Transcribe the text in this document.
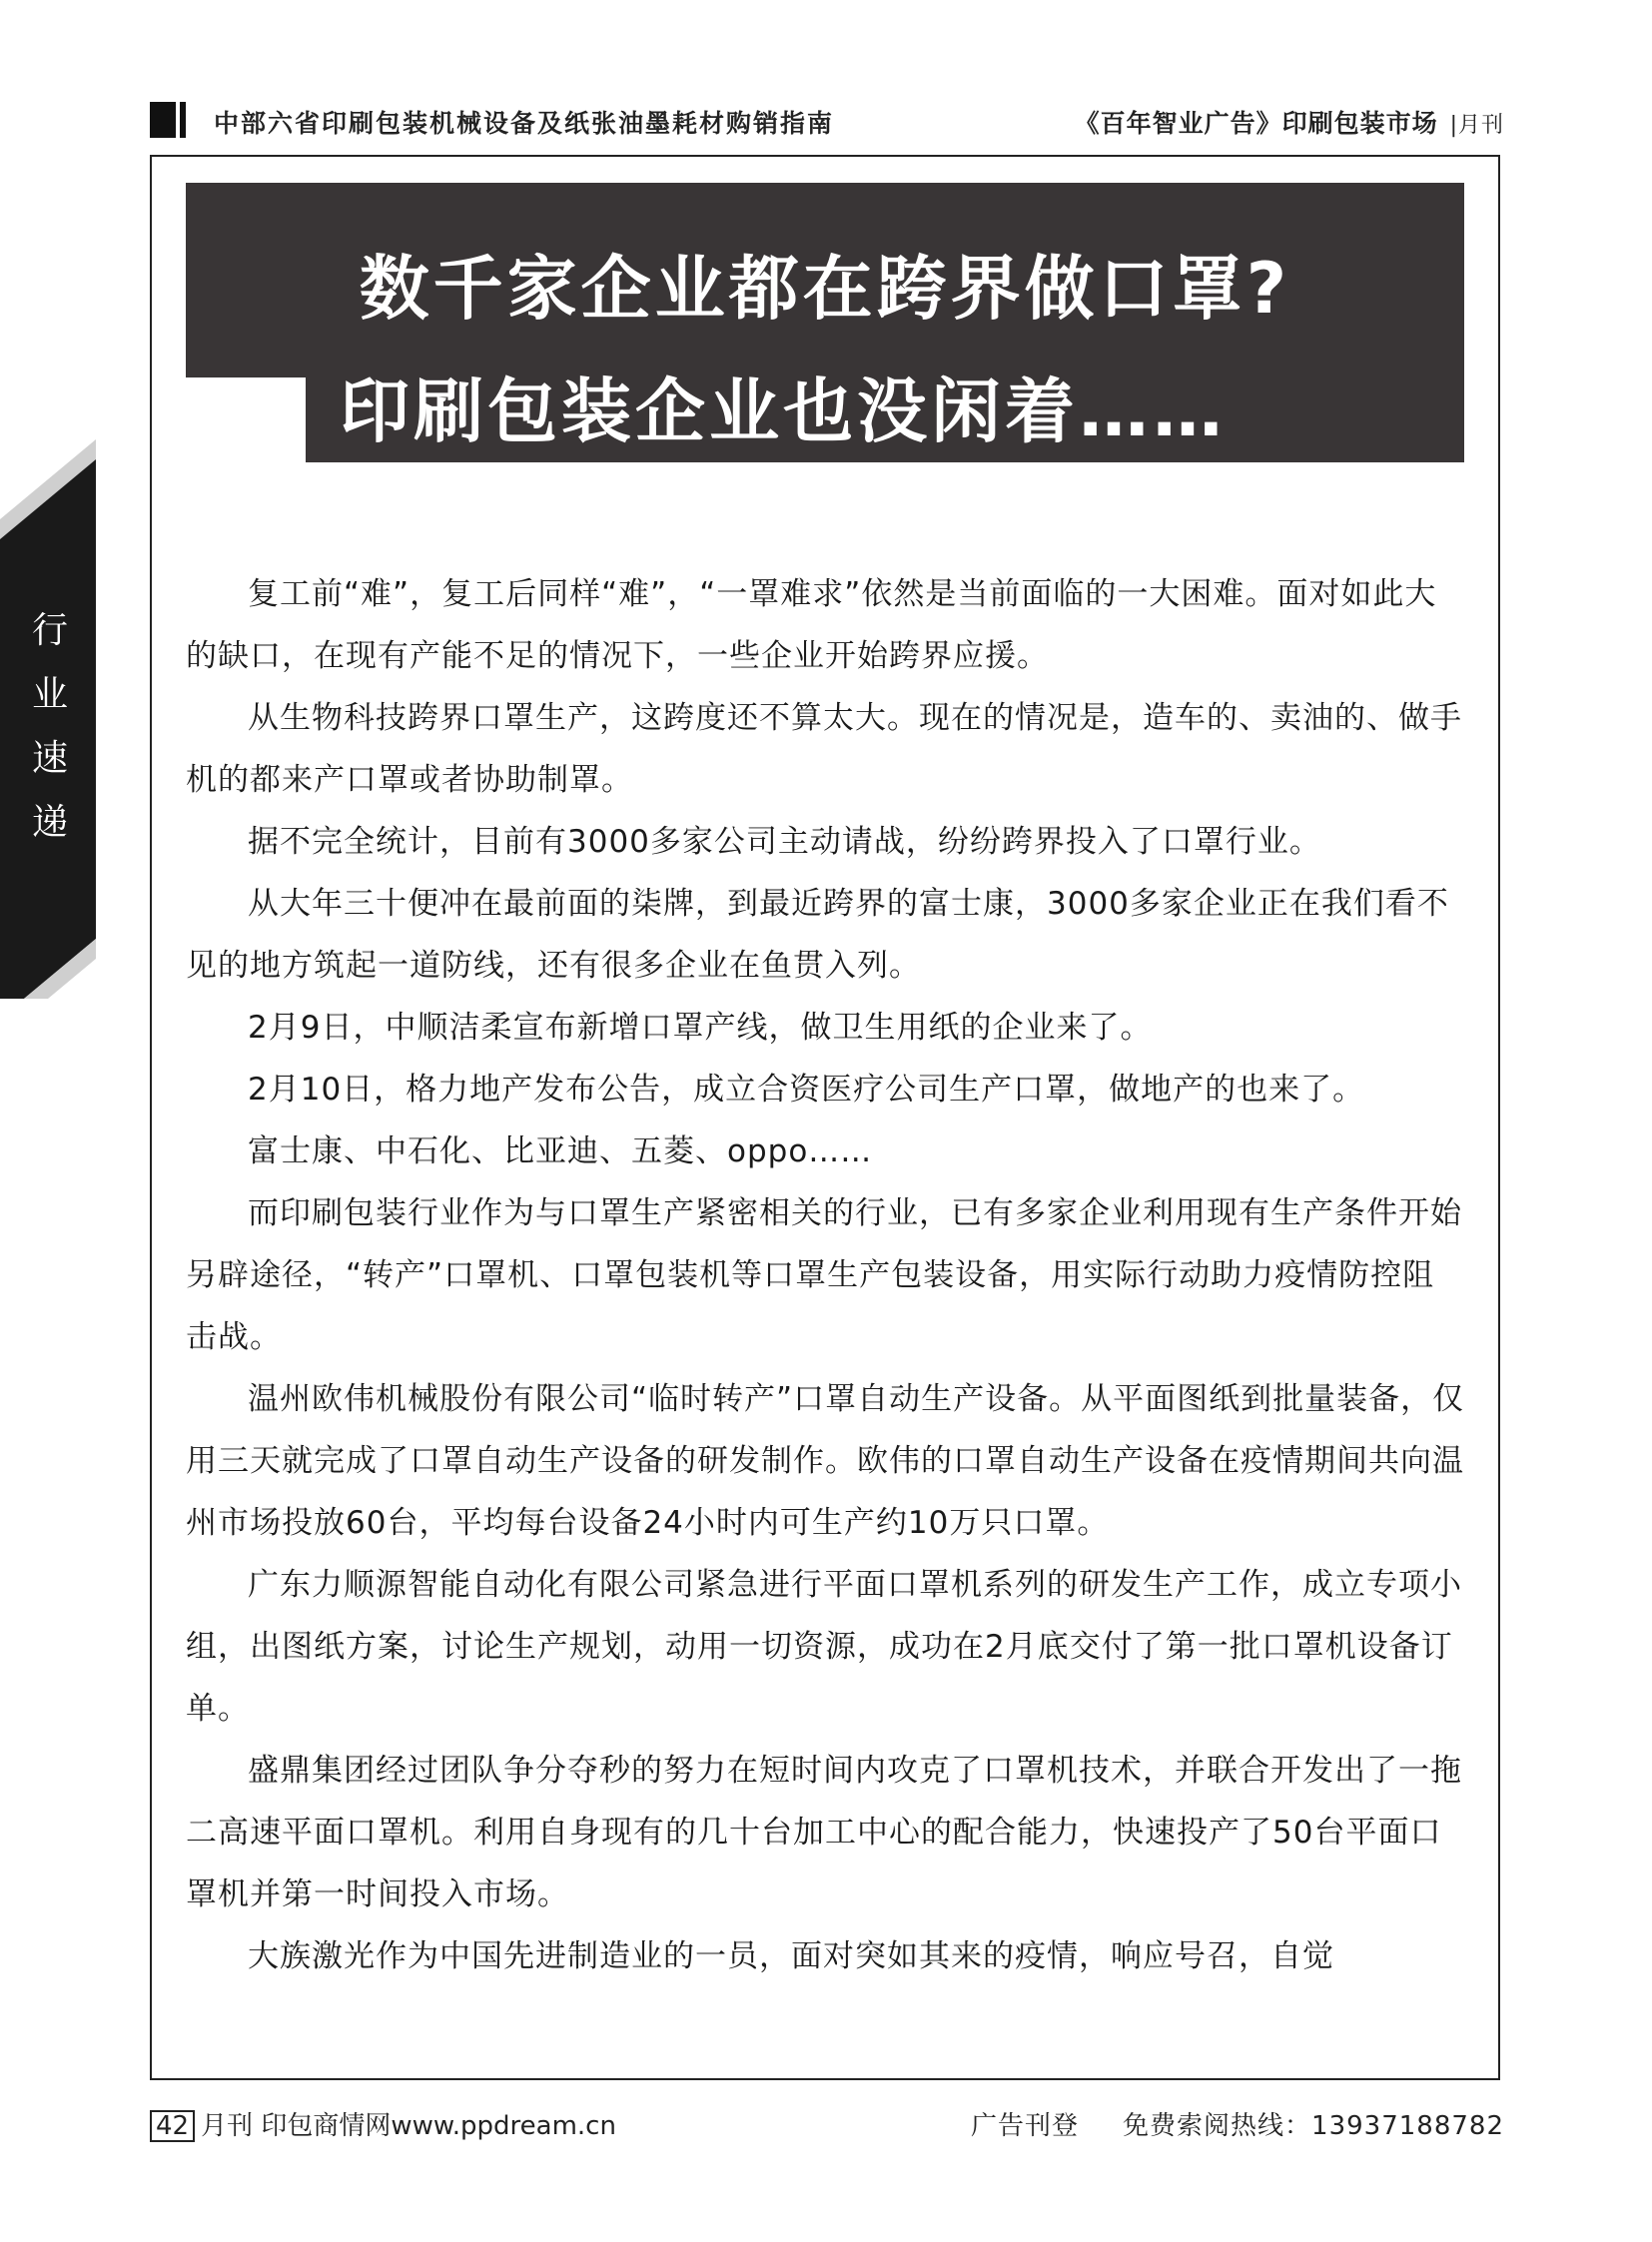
中部六省印刷包装机械设备及纸张油墨耗材购销指南	《百年智业广告》印刷包装市场 |月刊
行
业
速
递
数千家企业都在跨界做口罩?
印刷包装企业也没闲着……

复工前“难”，复工后同样“难”，“一罩难求”依然是当前面临的一大困难。面对如此大的缺口，在现有产能不足的情况下，一些企业开始跨界应援。

从生物科技跨界口罩生产，这跨度还不算太大。现在的情况是，造车的、卖油的、做手机的都来产口罩或者协助制罩。

据不完全统计，目前有3000多家公司主动请战，纷纷跨界投入了口罩行业。

从大年三十便冲在最前面的柒牌，到最近跨界的富士康，3000多家企业正在我们看不见的地方筑起一道防线，还有很多企业在鱼贯入列。

2月9日，中顺洁柔宣布新增口罩产线，做卫生用纸的企业来了。

2月10日，格力地产发布公告，成立合资医疗公司生产口罩，做地产的也来了。

富士康、中石化、比亚迪、五菱、oppo……

而印刷包装行业作为与口罩生产紧密相关的行业，已有多家企业利用现有生产条件开始另辟途径，“转产”口罩机、口罩包装机等口罩生产包装设备，用实际行动助力疫情防控阻击战。

温州欧伟机械股份有限公司“临时转产”口罩自动生产设备。从平面图纸到批量装备，仅用三天就完成了口罩自动生产设备的研发制作。欧伟的口罩自动生产设备在疫情期间共向温州市场投放60台，平均每台设备24小时内可生产约10万只口罩。

广东力顺源智能自动化有限公司紧急进行平面口罩机系列的研发生产工作，成立专项小组，出图纸方案，讨论生产规划，动用一切资源，成功在2月底交付了第一批口罩机设备订单。

盛鼎集团经过团队争分夺秒的努力在短时间内攻克了口罩机技术，并联合开发出了一拖二高速平面口罩机。利用自身现有的几十台加工中心的配合能力，快速投产了50台平面口罩机并第一时间投入市场。

大族激光作为中国先进制造业的一员，面对突如其来的疫情，响应号召，自觉

42 月刊 印包商情网www.ppdream.cn	广告刊登 免费索阅热线：13937188782
